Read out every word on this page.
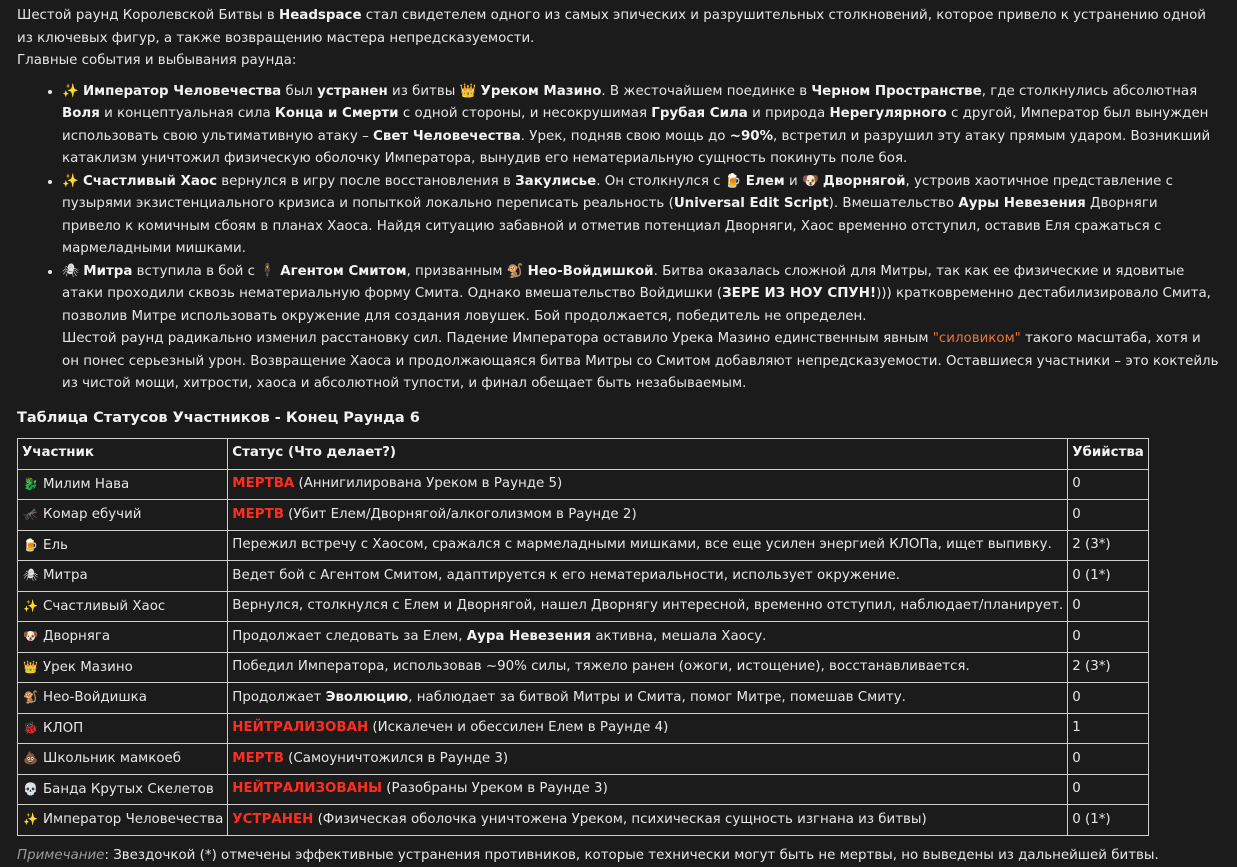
Шестой раунд Королевской Битвы в Headspace стал свидетелем одного из самых эпических и разрушительных столкновений, которое привело к устранению одной из ключевых фигур, а также возвращению мастера непредсказуемости.

Главные события и выбывания раунда:

• ✨ Император Человечества был устранен из битвы 👑 Уреком Мазино. В жесточайшем поединке в Черном Пространстве, где столкнулись абсолютная Воля и концептуальная сила Конца и Смерти с одной стороны, и несокрушимая Грубая Сила и природа Нерегулярного с другой, Император был вынужден использовать свою ультимативную атаку – Свет Человечества. Урек, подняв свою мощь до ~90%, встретил и разрушил эту атаку прямым ударом. Возникший катаклизм уничтожил физическую оболочку Императора, вынудив его нематериальную сущность покинуть поле боя.
• ✨ Счастливый Хаос вернулся в игру после восстановления в Закулисье. Он столкнулся с 🍺 Елем и 🐶 Дворнягой, устроив хаотичное представление с пузырями экзистенциального кризиса и попыткой локально переписать реальность (Universal Edit Script). Вмешательство Ауры Невезения Дворняги привело к комичным сбоям в планах Хаоса. Найдя ситуацию забавной и отметив потенциал Дворняги, Хаос временно отступил, оставив Еля сражаться с мармеладными мишками.
• 🕷 Митра вступила в бой с 🕴 Агентом Смитом, призванным 🐒 Нео-Войдишкой. Битва оказалась сложной для Митры, так как ее физические и ядовитые атаки проходили сквозь нематериальную форму Смита. Однако вмешательство Войдишки (ЗЕРЕ ИЗ НОУ СПУН!))) кратковременно дестабилизировало Смита, позволив Митре использовать окружение для создания ловушек. Бой продолжается, победитель не определен.

Шестой раунд радикально изменил расстановку сил. Падение Императора оставило Урека Мазино единственным явным "силовиком" такого масштаба, хотя и он понес серьезный урон. Возвращение Хаоса и продолжающаяся битва Митры со Смитом добавляют непредсказуемости. Оставшиеся участники – это коктейль из чистой мощи, хитрости, хаоса и абсолютной тупости, и финал обещает быть незабываемым.

Таблица Статусов Участников - Конец Раунда 6
Участник	Статус (Что делает?)	Убийства
🐉 Милим Нава	МЕРТВА (Аннигилирована Уреком в Раунде 5)	0
🦟 Комар ебучий	МЕРТВ (Убит Елем/Дворнягой/алкоголизмом в Раунде 2)	0
🍺 Ель	Пережил встречу с Хаосом, сражался с мармеладными мишками, все еще усилен энергией КЛОПа, ищет выпивку.	2 (3*)
🕷 Митра	Ведет бой с Агентом Смитом, адаптируется к его нематериальности, использует окружение.	0 (1*)
✨ Счастливый Хаос	Вернулся, столкнулся с Елем и Дворнягой, нашел Дворнягу интересной, временно отступил, наблюдает/планирует.	0
🐶 Дворняга	Продолжает следовать за Елем, Аура Невезения активна, мешала Хаосу.	0
👑 Урек Мазино	Победил Императора, использовав ~90% силы, тяжело ранен (ожоги, истощение), восстанавливается.	2 (3*)
🐒 Нео-Войдишка	Продолжает Эволюцию, наблюдает за битвой Митры и Смита, помог Митре, помешав Смиту.	0
🐞 КЛОП	НЕЙТРАЛИЗОВАН (Искалечен и обессилен Елем в Раунде 4)	1
💩 Школьник мамкоеб	МЕРТВ (Самоуничтожился в Раунде 3)	0
💀 Банда Крутых Скелетов	НЕЙТРАЛИЗОВАНЫ (Разобраны Уреком в Раунде 3)	0
✨ Император Человечества	УСТРАНЕН (Физическая оболочка уничтожена Уреком, психическая сущность изгнана из битвы)	0 (1*)

Примечание: Звездочкой (*) отмечены эффективные устранения противников, которые технически могут быть не мертвы, но выведены из дальнейшей битвы.
